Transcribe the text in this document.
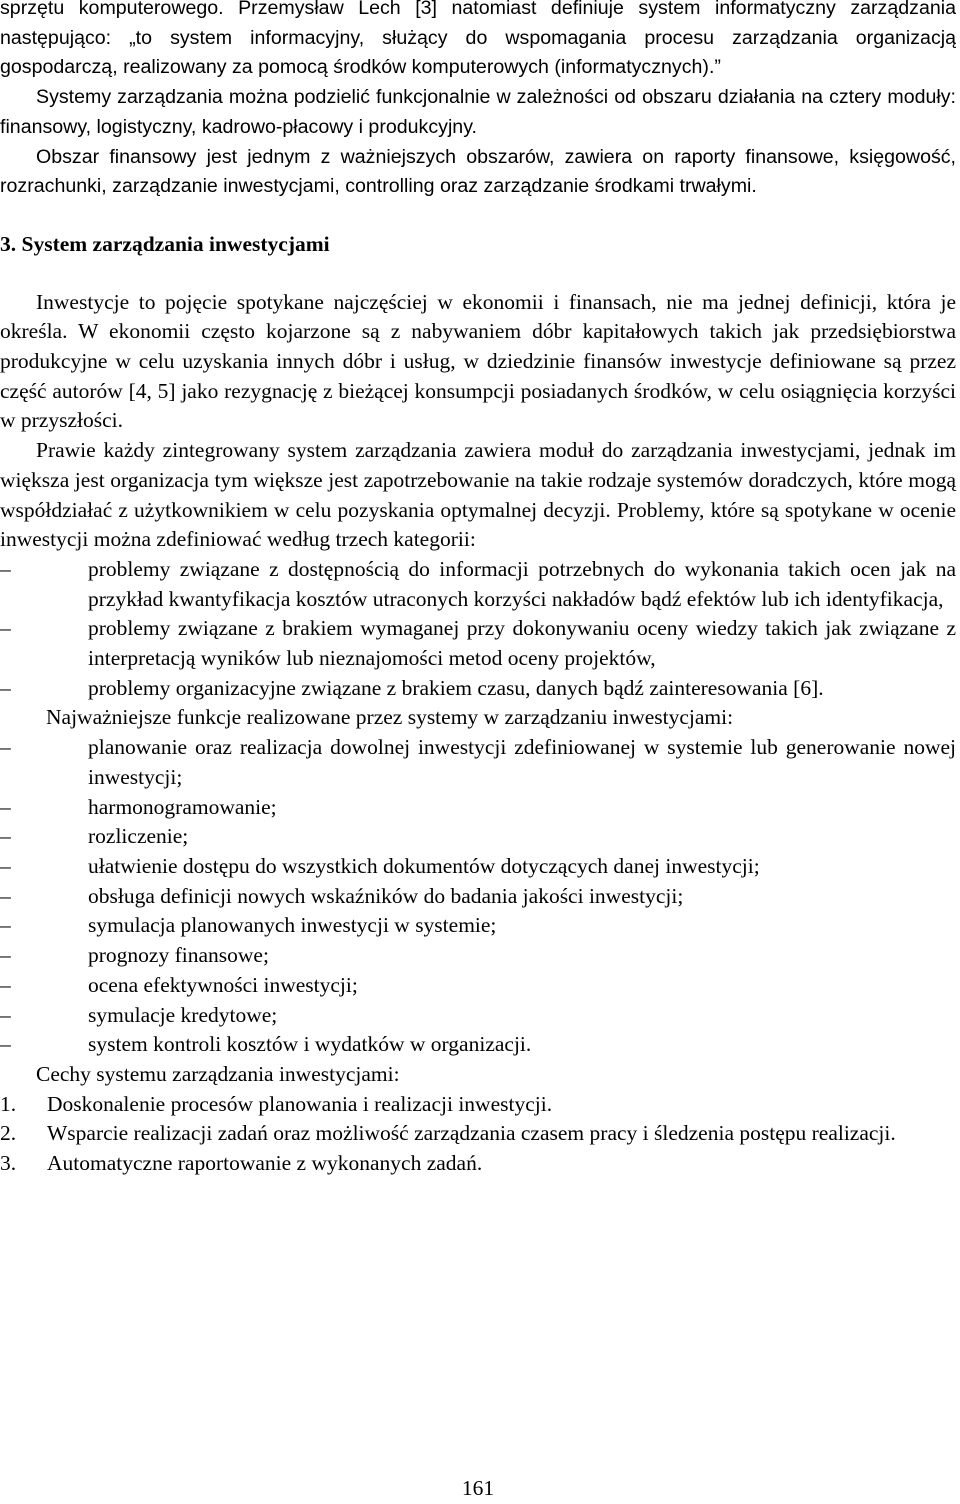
sprzętu komputerowego. Przemysław Lech [3] natomiast definiuje system informatyczny zarządzania następująco: „to system informacyjny, służący do wspomagania procesu zarządzania organizacją gospodarczą, realizowany za pomocą środków komputerowych (informatycznych).”

Systemy zarządzania można podzielić funkcjonalnie w zależności od obszaru działania na cztery moduły: finansowy, logistyczny, kadrowo-płacowy i produkcyjny.

Obszar finansowy jest jednym z ważniejszych obszarów, zawiera on raporty finansowe, księgowość, rozrachunki, zarządzanie inwestycjami, controlling oraz zarządzanie środkami trwałymi.

3. System zarządzania inwestycjami

Inwestycje to pojęcie spotykane najczęściej w ekonomii i finansach, nie ma jednej definicji, która je określa. W ekonomii często kojarzone są z nabywaniem dóbr kapitałowych takich jak przedsiębiorstwa produkcyjne w celu uzyskania innych dóbr i usług, w dziedzinie finansów inwestycje definiowane są przez część autorów [4, 5] jako rezygnację z bieżącej konsumpcji posiadanych środków, w celu osiągnięcia korzyści w przyszłości.

Prawie każdy zintegrowany system zarządzania zawiera moduł do zarządzania inwestycjami, jednak im większa jest organizacja tym większe jest zapotrzebowanie na takie rodzaje systemów doradczych, które mogą współdziałać z użytkownikiem w celu pozyskania optymalnej decyzji. Problemy, które są spotykane w ocenie inwestycji można zdefiniować według trzech kategorii:

–	problemy związane z dostępnością do informacji potrzebnych do wykonania takich ocen jak na przykład kwantyfikacja kosztów utraconych korzyści nakładów bądź efektów lub ich identyfikacja,
–	problemy związane z brakiem wymaganej przy dokonywaniu oceny wiedzy takich jak związane z interpretacją wyników lub nieznajomości metod oceny projektów,
–	problemy organizacyjne związane z brakiem czasu, danych bądź zainteresowania [6].

Najważniejsze funkcje realizowane przez systemy w zarządzaniu inwestycjami:

–	planowanie oraz realizacja dowolnej inwestycji zdefiniowanej w systemie lub generowanie nowej inwestycji;
–	harmonogramowanie;
–	rozliczenie;
–	ułatwienie dostępu do wszystkich dokumentów dotyczących danej inwestycji;
–	obsługa definicji nowych wskaźników do badania jakości inwestycji;
–	symulacja planowanych inwestycji w systemie;
–	prognozy finansowe;
–	ocena efektywności inwestycji;
–	symulacje kredytowe;
–	system kontroli kosztów i wydatków w organizacji.

Cechy systemu zarządzania inwestycjami:

1. Doskonalenie procesów planowania i realizacji inwestycji.
2. Wsparcie realizacji zadań oraz możliwość zarządzania czasem pracy i śledzenia postępu realizacji.
3. Automatyczne raportowanie z wykonanych zadań.
161
